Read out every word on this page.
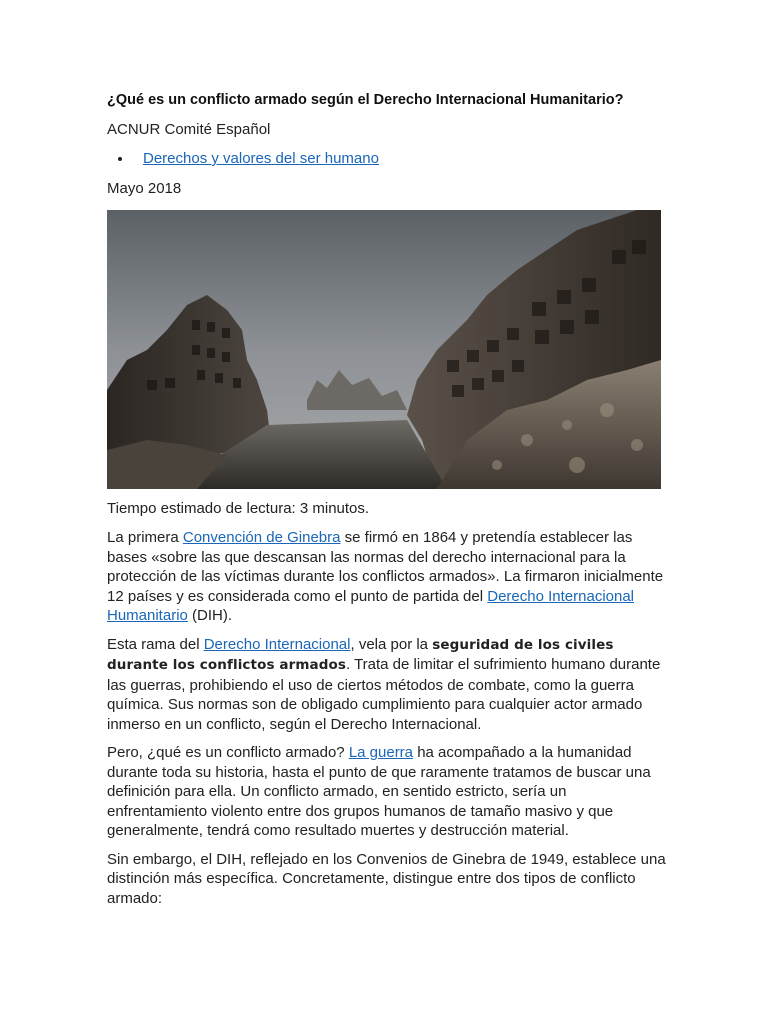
¿Qué es un conflicto armado según el Derecho Internacional Humanitario?
ACNUR Comité Español
• Derechos y valores del ser humano
Mayo 2018
Tiempo estimado de lectura: 3 minutos.

La primera Convención de Ginebra se firmó en 1864 y pretendía establecer las bases «sobre las que descansan las normas del derecho internacional para la protección de las víctimas durante los conflictos armados». La firmaron inicialmente 12 países y es considerada como el punto de partida del Derecho Internacional Humanitario (DIH).

Esta rama del Derecho Internacional, vela por la seguridad de los civiles durante los conflictos armados. Trata de limitar el sufrimiento humano durante las guerras, prohibiendo el uso de ciertos métodos de combate, como la guerra química. Sus normas son de obligado cumplimiento para cualquier actor armado inmerso en un conflicto, según el Derecho Internacional.

Pero, ¿qué es un conflicto armado? La guerra ha acompañado a la humanidad durante toda su historia, hasta el punto de que raramente tratamos de buscar una definición para ella. Un conflicto armado, en sentido estricto, sería un enfrentamiento violento entre dos grupos humanos de tamaño masivo y que generalmente, tendrá como resultado muertes y destrucción material.

Sin embargo, el DIH, reflejado en los Convenios de Ginebra de 1949, establece una distinción más específica. Concretamente, distingue entre dos tipos de conflicto armado:
